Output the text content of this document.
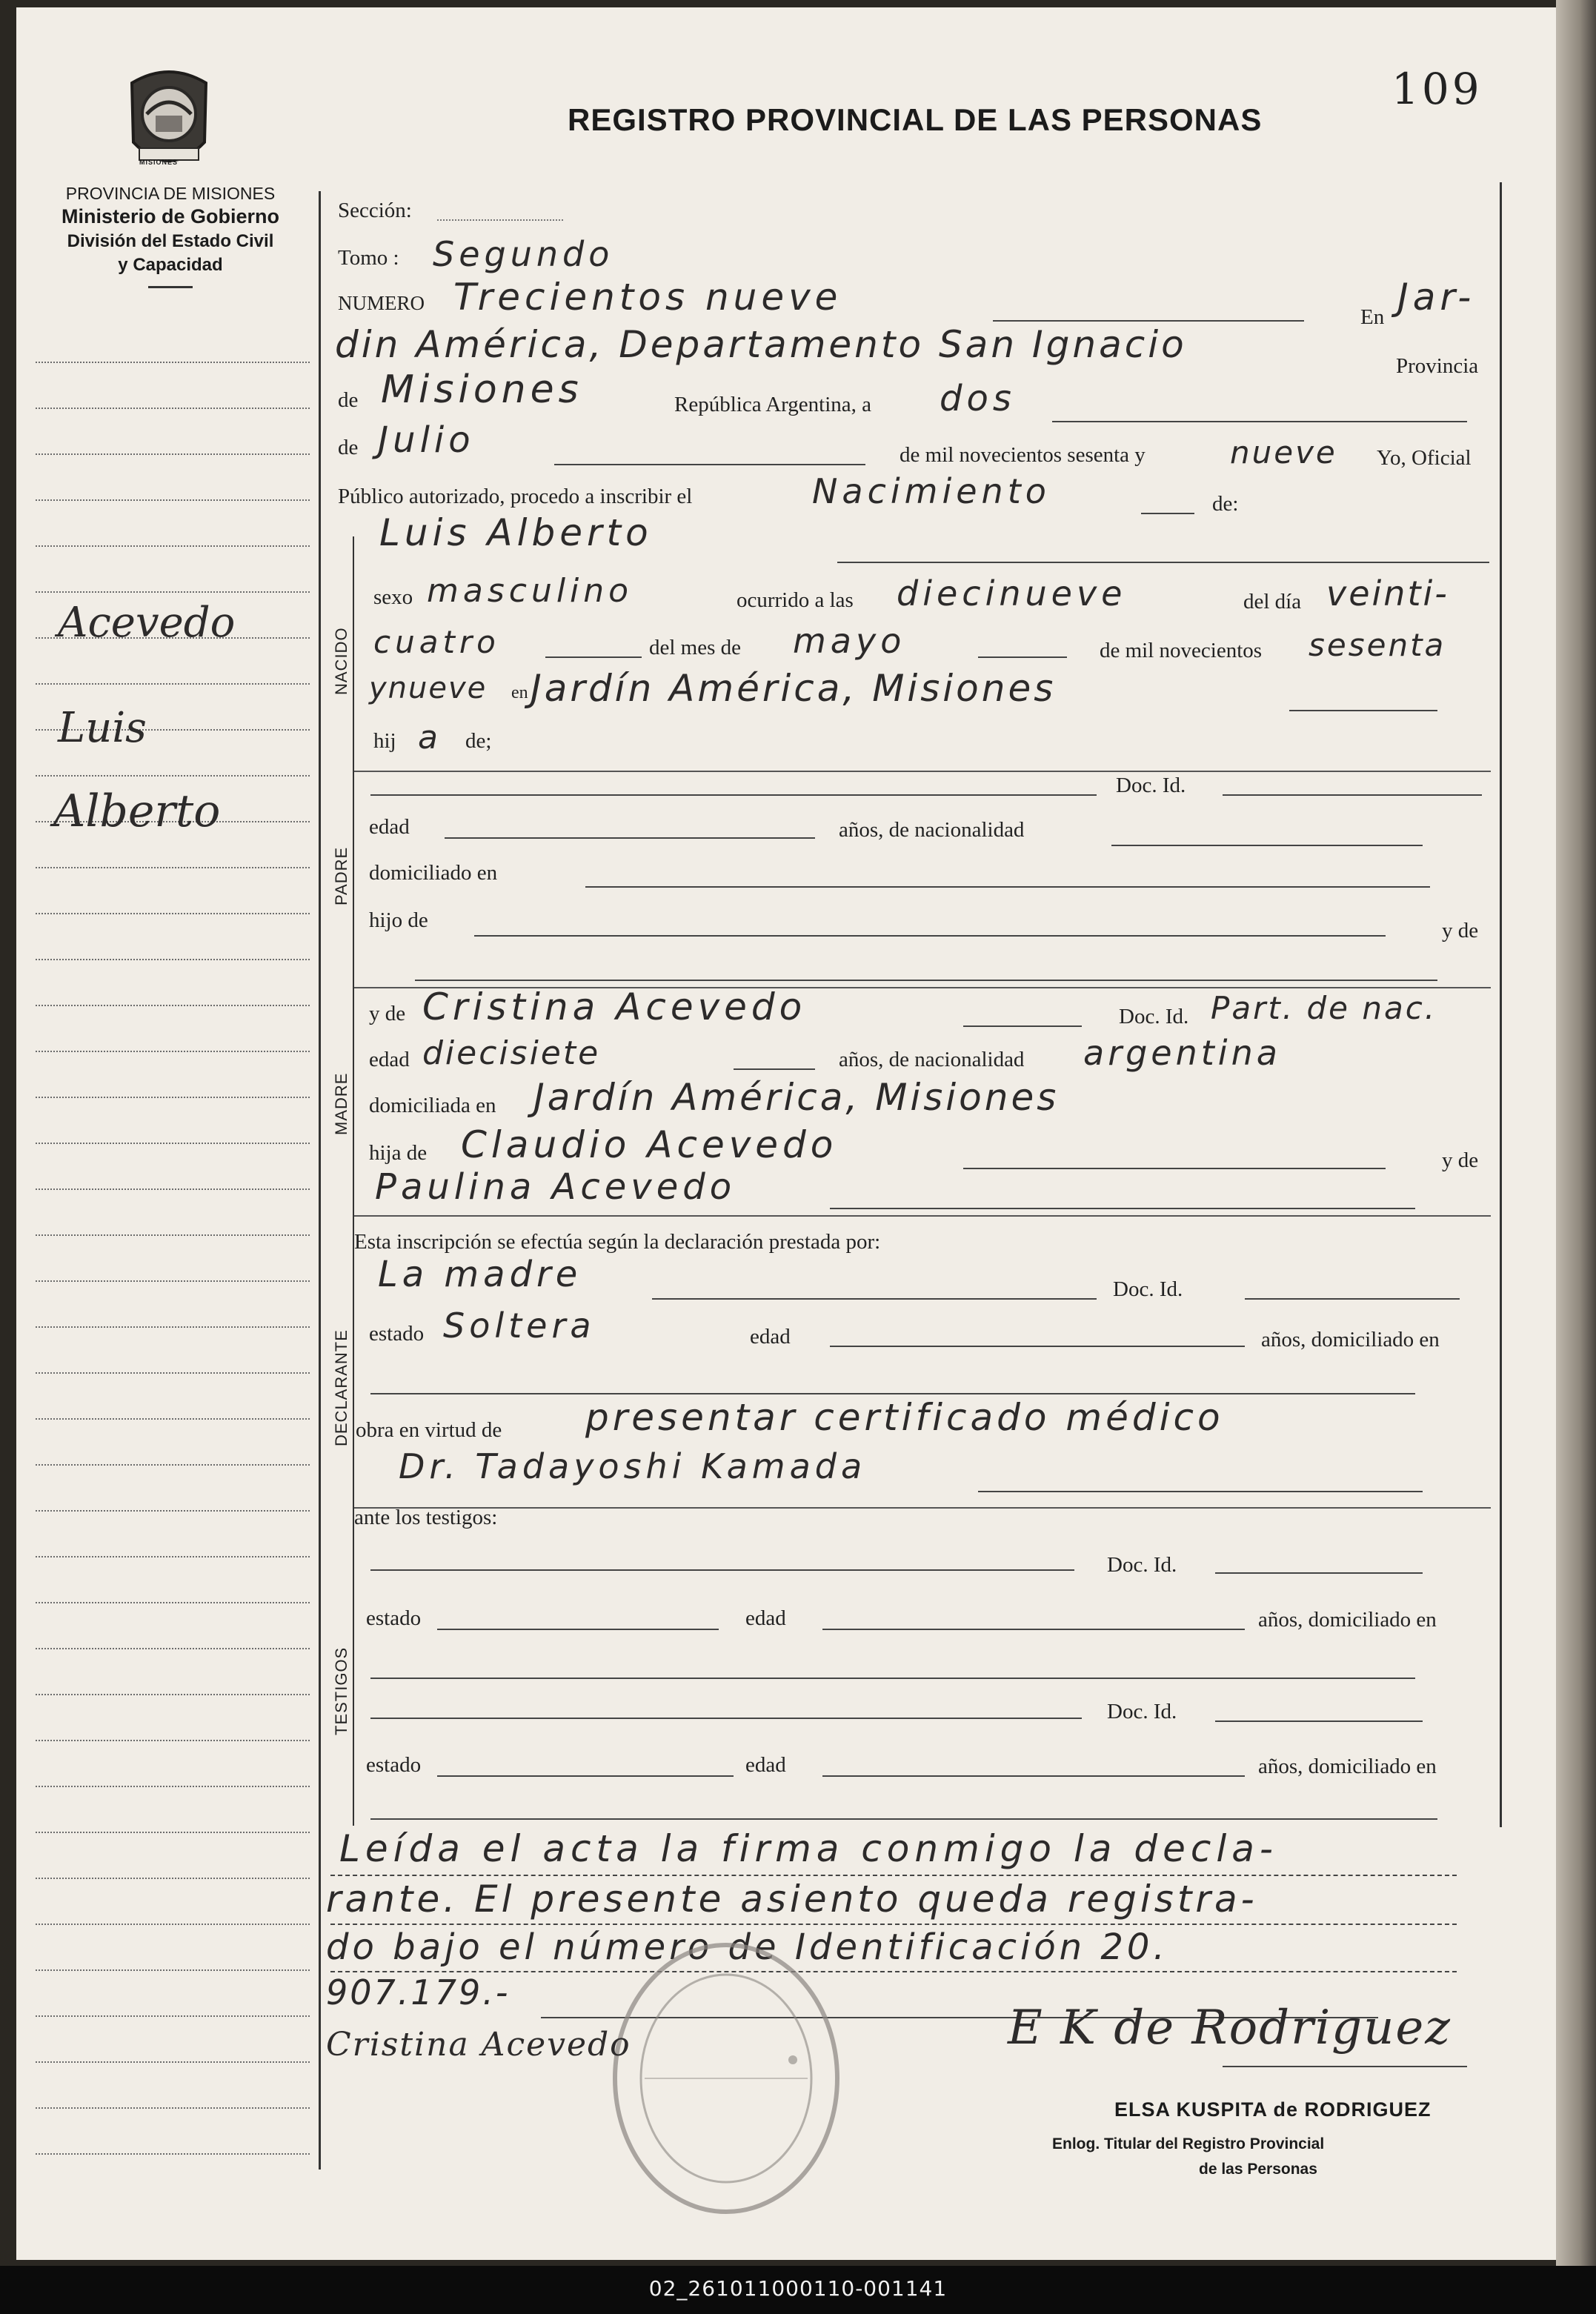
MISIONES
109
REGISTRO PROVINCIAL DE LAS PERSONAS
PROVINCIA DE MISIONES
Ministerio de Gobierno
División del Estado Civil
y Capacidad
Acevedo
Luis
Alberto
NACIDO
PADRE
MADRE
DECLARANTE
TESTIGOS
Sección:
Tomo : Segundo
NUMERO Trecientos nueve	En Jar-
din América, Departamento San Ignacio	Provincia
de Misiones	República Argentina, a dos
de Julio	de mil novecientos sesenta y	nueve Yo, Oficial
Público autorizado, procedo a inscribir el	Nacimiento	de:
Luis Alberto
sexo masculino	ocurrido a las diecinueve	del día veinti-
cuatro	del mes de mayo	de mil novecientos sesenta
ynueve en Jardín América, Misiones
hij a de;
Doc. Id.
edad	años, de nacionalidad
domiciliado en
hijo de	y de
y de Cristina Acevedo	Doc. Id. Part. de nac.
edad diecisiete	años, de nacionalidad argentina
domiciliada en Jardín América, Misiones
hija de Claudio Acevedo	y de
Paulina Acevedo
Esta inscripción se efectúa según la declaración prestada por:
La madre	Doc. Id.
estado Soltera	edad	años, domiciliado en
obra en virtud de presentar certificado médico
Dr. Tadayoshi Kamada
ante los testigos:
Doc. Id.
estado	edad	años, domiciliado en
Doc. Id.
estado	edad	años, domiciliado en
Leída el acta la firma conmigo la decla-
rante. El presente asiento queda registra-
do bajo el número de Identificación 20.
907.179.-
Cristina Acevedo	E K de Rodriguez
ELSA KUSPITA de RODRIGUEZ
Enlog. Titular del Registro Provincial
de las Personas
02_261011000110-001141
